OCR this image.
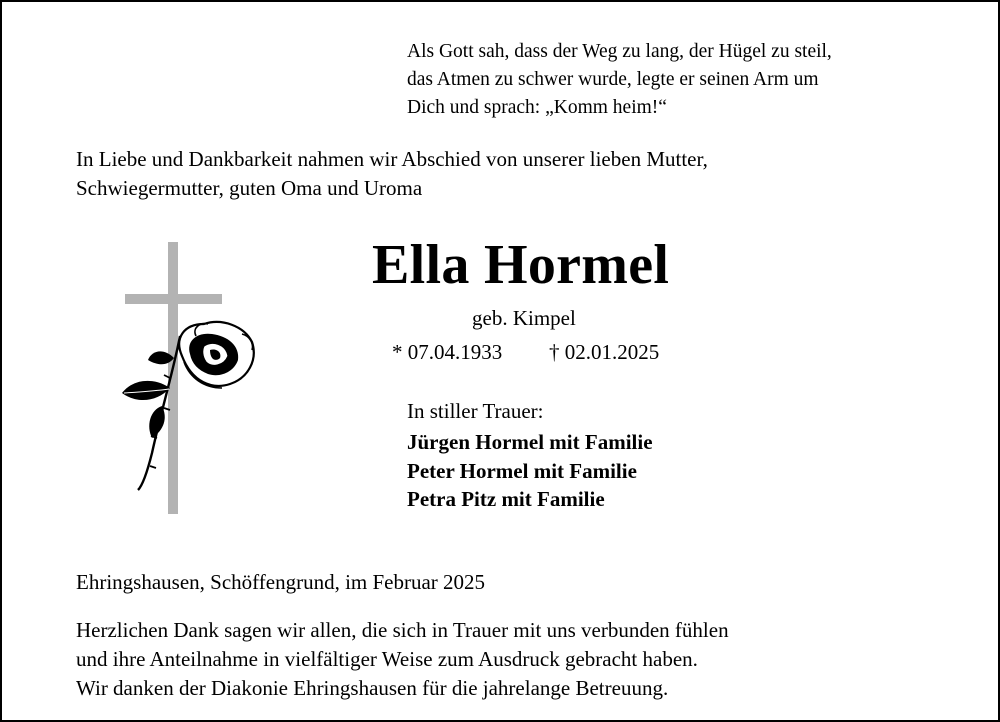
Als Gott sah, dass der Weg zu lang, der Hügel zu steil,
das Atmen zu schwer wurde, legte er seinen Arm um
Dich und sprach: „Komm heim!“
In Liebe und Dankbarkeit nahmen wir Abschied von unserer lieben Mutter,
Schwiegermutter, guten Oma und Uroma
Ella Hormel
geb. Kimpel
* 07.04.1933 † 02.01.2025
In stiller Trauer:
Jürgen Hormel mit Familie
Peter Hormel mit Familie
Petra Pitz mit Familie
Ehringshausen, Schöffengrund, im Februar 2025
Herzlichen Dank sagen wir allen, die sich in Trauer mit uns verbunden fühlen
und ihre Anteilnahme in vielfältiger Weise zum Ausdruck gebracht haben.
Wir danken der Diakonie Ehringshausen für die jahrelange Betreuung.
